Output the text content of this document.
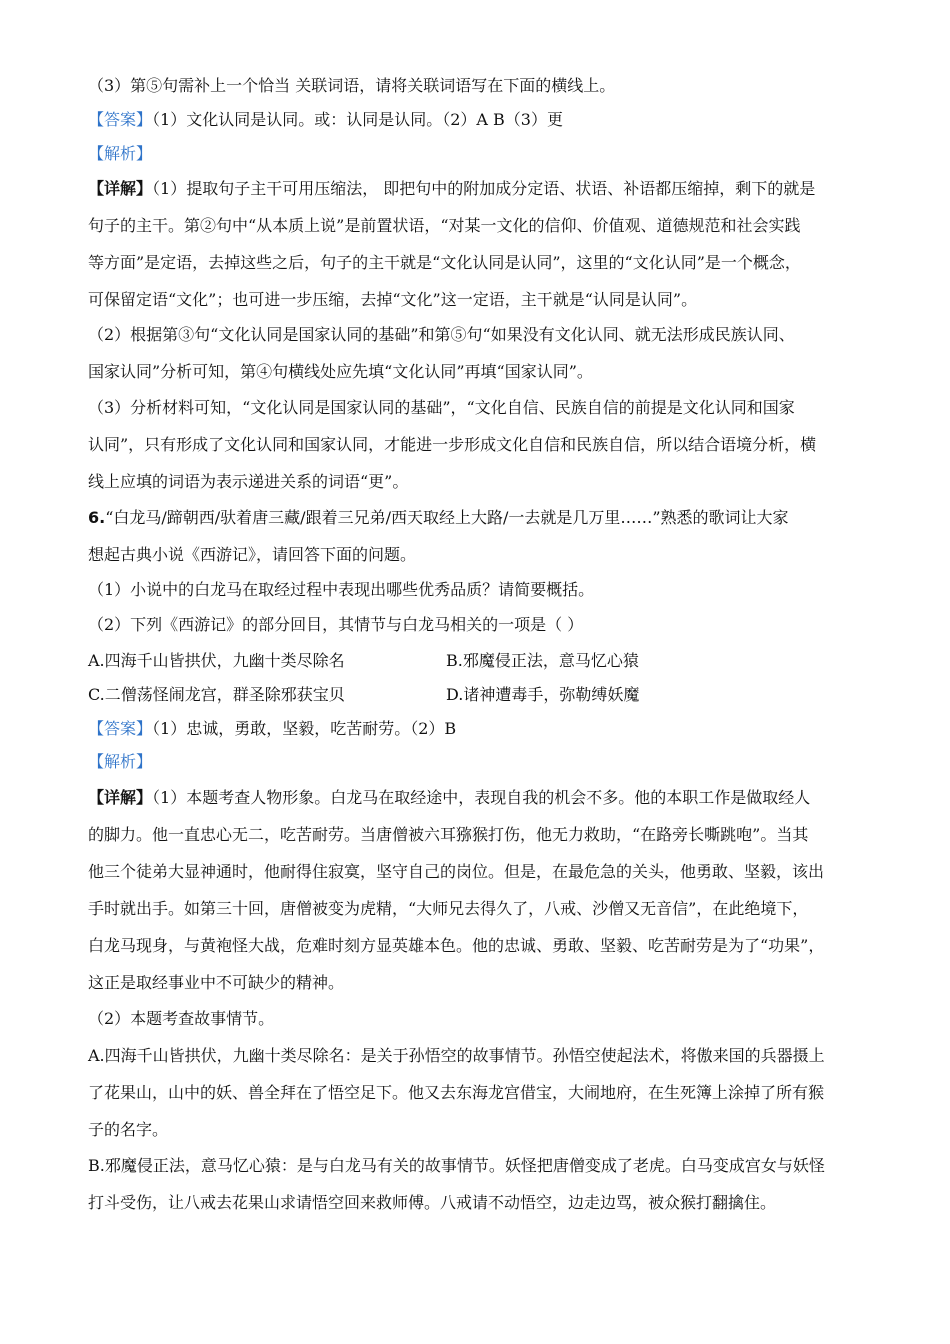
（3）第⑤句需补上一个恰当 关联词语，请将关联词语写在下面的横线上。
【答案】（1）文化认同是认同。或：认同是认同。（2）A B（3）更
【解析】
【详解】（1）提取句子主干可用压缩法， 即把句中的附加成分定语、状语、补语都压缩掉，剩下的就是
句子的主干。第②句中“从本质上说”是前置状语，“对某一文化的信仰、价值观、道德规范和社会实践
等方面”是定语，去掉这些之后，句子的主干就是“文化认同是认同”，这里的“文化认同”是一个概念，
可保留定语“文化”；也可进一步压缩，去掉“文化”这一定语，主干就是“认同是认同”。
（2）根据第③句“文化认同是国家认同的基础”和第⑤句“如果没有文化认同、就无法形成民族认同、
国家认同”分析可知，第④句横线处应先填“文化认同”再填“国家认同”。
（3）分析材料可知，“文化认同是国家认同的基础”，“文化自信、民族自信的前提是文化认同和国家
认同”，只有形成了文化认同和国家认同，才能进一步形成文化自信和民族自信，所以结合语境分析，横
线上应填的词语为表示递进关系的词语“更”。
6.“白龙马/蹄朝西/驮着唐三藏/跟着三兄弟/西天取经上大路/一去就是几万里……”熟悉的歌词让大家
想起古典小说《西游记》，请回答下面的问题。
（1）小说中的白龙马在取经过程中表现出哪些优秀品质？请简要概括。
（2）下列《西游记》的部分回目，其情节与白龙马相关的一项是（ ）
A.四海千山皆拱伏，九幽十类尽除名	B.邪魔侵正法，意马忆心猿
C.二僧荡怪闹龙宫，群圣除邪获宝贝	D.诸神遭毒手，弥勒缚妖魔
【答案】（1）忠诚，勇敢，坚毅，吃苦耐劳。（2）B
【解析】
【详解】（1）本题考查人物形象。白龙马在取经途中，表现自我的机会不多。他的本职工作是做取经人
的脚力。他一直忠心无二，吃苦耐劳。当唐僧被六耳猕猴打伤，他无力救助，“在路旁长嘶跳咆”。当其
他三个徒弟大显神通时，他耐得住寂寞，坚守自己的岗位。但是，在最危急的关头，他勇敢、坚毅，该出
手时就出手。如第三十回，唐僧被变为虎精，“大师兄去得久了，八戒、沙僧又无音信”，在此绝境下，
白龙马现身，与黄袍怪大战，危难时刻方显英雄本色。他的忠诚、勇敢、坚毅、吃苦耐劳是为了“功果”，
这正是取经事业中不可缺少的精神。
（2）本题考查故事情节。
A.四海千山皆拱伏，九幽十类尽除名：是关于孙悟空的故事情节。孙悟空使起法术，将傲来国的兵器摄上
了花果山，山中的妖、兽全拜在了悟空足下。他又去东海龙宫借宝，大闹地府，在生死簿上涂掉了所有猴
子的名字。
B.邪魔侵正法，意马忆心猿：是与白龙马有关的故事情节。妖怪把唐僧变成了老虎。白马变成宫女与妖怪
打斗受伤，让八戒去花果山求请悟空回来救师傅。八戒请不动悟空，边走边骂，被众猴打翻擒住。
